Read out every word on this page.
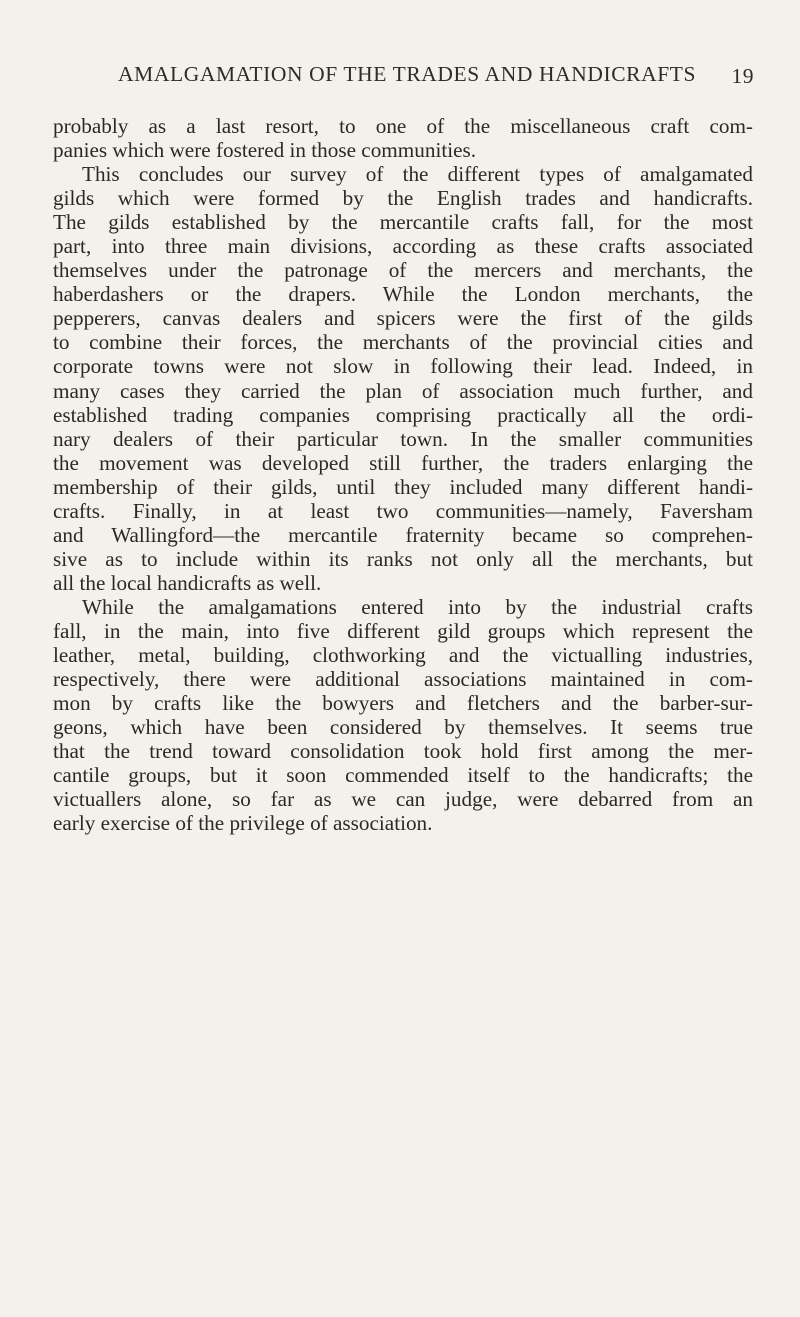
AMALGAMATION OF THE TRADES AND HANDICRAFTS 19
probably as a last resort, to one of the miscellaneous craft com-
panies which were fostered in those communities.
This concludes our survey of the different types of amalgamated
gilds which were formed by the English trades and handicrafts.
The gilds established by the mercantile crafts fall, for the most
part, into three main divisions, according as these crafts associated
themselves under the patronage of the mercers and merchants, the
haberdashers or the drapers. While the London merchants, the
pepperers, canvas dealers and spicers were the first of the gilds
to combine their forces, the merchants of the provincial cities and
corporate towns were not slow in following their lead. Indeed, in
many cases they carried the plan of association much further, and
established trading companies comprising practically all the ordi-
nary dealers of their particular town. In the smaller communities
the movement was developed still further, the traders enlarging the
membership of their gilds, until they included many different handi-
crafts. Finally, in at least two communities—namely, Faversham
and Wallingford—the mercantile fraternity became so comprehen-
sive as to include within its ranks not only all the merchants, but
all the local handicrafts as well.
While the amalgamations entered into by the industrial crafts
fall, in the main, into five different gild groups which represent the
leather, metal, building, clothworking and the victualling industries,
respectively, there were additional associations maintained in com-
mon by crafts like the bowyers and fletchers and the barber-sur-
geons, which have been considered by themselves. It seems true
that the trend toward consolidation took hold first among the mer-
cantile groups, but it soon commended itself to the handicrafts; the
victuallers alone, so far as we can judge, were debarred from an
early exercise of the privilege of association.
